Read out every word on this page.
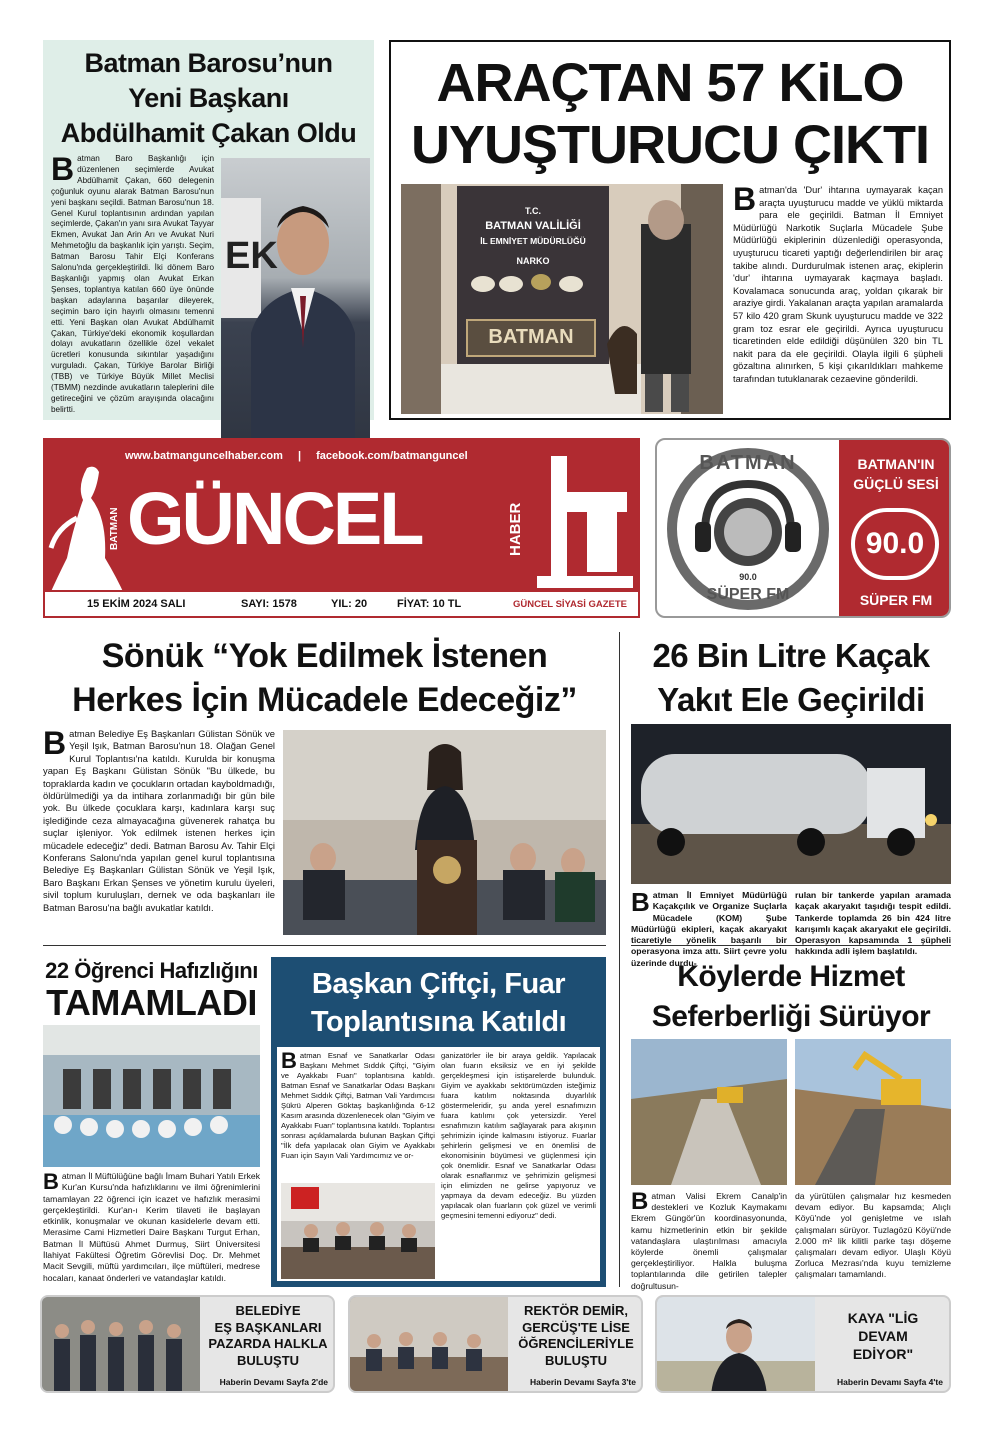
Batman Barosu’nun
Yeni Başkanı
Abdülhamit Çakan Oldu
Batman Baro Başkanlığı için düzenlenen seçimlerde Avukat Abdülhamit Çakan, 660 delegenin çoğunluk oyunu alarak Batman Barosu'nun yeni başkanı seçildi. Batman Barosu'nun 18. Genel Kurul toplantısının ardından yapılan seçimlerde, Çakan'ın yanı sıra Avukat Tayyar Ekmen, Avukat Jan Arin Arı ve Avukat Nuri Mehmetoğlu da başkanlık için yarıştı. Seçim, Batman Barosu Tahir Elçi Konferans Salonu'nda gerçekleştirildi. İki dönem Baro Başkanlığı yapmış olan Avukat Erkan Şenses, toplantıya katılan 660 üye önünde başkan adaylarına başarılar dileyerek, seçimin baro için hayırlı olmasını temenni etti. Yeni Başkan olan Avukat Abdülhamit Çakan, Türkiye'deki ekonomik koşullardan dolayı avukatların özellikle özel vekalet ücretleri konusunda sıkıntılar yaşadığını vurguladı. Çakan, Türkiye Barolar Birliği (TBB) ve Türkiye Büyük Millet Meclisi (TBMM) nezdinde avukatların taleplerini dile getireceğini ve çözüm arayışında olacağını belirtti.
EK
ARAÇTAN 57 KiLO
UYUŞTURUCU ÇIKTI
T.C.
BATMAN VALİLİĞİ
İL EMNİYET MÜDÜRLÜĞÜ
NARKO
BATMAN
Batman'da 'Dur' ihtarına uymayarak kaçan araçta uyuşturucu madde ve yüklü miktarda para ele geçirildi. Batman İl Emniyet Müdürlüğü Narkotik Suçlarla Mücadele Şube Müdürlüğü ekiplerinin düzenlediği operasyonda, uyuşturucu ticareti yaptığı değerlendirilen bir araç takibe alındı. Durdurulmak istenen araç, ekiplerin 'dur' ihtarına uymayarak kaçmaya başladı. Kovalamaca sonucunda araç, yoldan çıkarak bir araziye girdi. Yakalanan araçta yapılan aramalarda 57 kilo 420 gram Skunk uyuşturucu madde ve 322 gram toz esrar ele geçirildi. Ayrıca uyuşturucu ticaretinden elde edildiği düşünülen 320 bin TL nakit para da ele geçirildi. Olayla ilgili 6 şüpheli gözaltına alınırken, 5 kişi çıkarıldıkları mahkeme tarafından tutuklanarak cezaevine gönderildi.
www.batmanguncelhaber.com | facebook.com/batmanguncel
BATMAN GÜNCEL	HABER
15 EKİM 2024 SALI	SAYI: 1578	YIL: 20	FİYAT: 10 TL	GÜNCEL SİYASİ GAZETE
BATMAN
90.0
SÜPER FM
BATMAN'IN
GÜÇLÜ SESİ
90.0
SÜPER FM
Sönük “Yok Edilmek İstenen
Herkes İçin Mücadele Edeceğiz”
Batman Belediye Eş Başkanları Gülistan Sönük ve Yeşil Işık, Batman Barosu'nun 18. Olağan Genel Kurul Toplantısı'na katıldı. Kurulda bir konuşma yapan Eş Başkanı Gülistan Sönük "Bu ülkede, bu topraklarda kadın ve çocukların ortadan kayboldmadığı, öldürülmediği ya da intihara zorlanmadığı bir gün bile yok. Bu ülkede çocuklara karşı, kadınlara karşı suç işlediğinde ceza almayacağına güvenerek rahatça bu suçlar işleniyor. Yok edilmek istenen herkes için mücadele edeceğiz" dedi. Batman Barosu Av. Tahir Elçi Konferans Salonu'nda yapılan genel kurul toplantısına Belediye Eş Başkanları Gülistan Sönük ve Yeşil Işık, Baro Başkanı Erkan Şenses ve yönetim kurulu üyeleri, sivil toplum kuruluşları, dernek ve oda başkanları ile Batman Barosu'na bağlı avukatlar katıldı.
26 Bin Litre Kaçak
Yakıt Ele Geçirildi
Batman İl Emniyet Müdürlüğü Kaçakçılık ve Organize Suçlarla Mücadele (KOM) Şube Müdürlüğü ekipleri, kaçak akaryakıt ticaretiyle yönelik başarılı bir operasyona imza attı. Siirt çevre yolu üzerinde durdu-
rulan bir tankerde yapılan aramada kaçak akaryakıt taşıdığı tespit edildi. Tankerde toplamda 26 bin 424 litre karışımlı kaçak akaryakıt ele geçirildi. Operasyon kapsamında 1 şüpheli hakkında adli işlem başlatıldı.
22 Öğrenci Hafızlığını
TAMAMLADI
Batman İl Müftülüğüne bağlı İmam Buhari Yatılı Erkek Kur'an Kursu'nda hafızlıklarını ve ilmi öğrenimlerini tamamlayan 22 öğrenci için icazet ve hafızlık merasimi gerçekleştirildi. Kur'an-ı Kerim tilaveti ile başlayan etkinlik, konuşmalar ve okunan kasidelerle devam etti. Merasime Cami Hizmetleri Daire Başkanı Turgut Erhan, Batman İl Müftüsü Ahmet Durmuş, Siirt Üniversitesi İlahiyat Fakültesi Öğretim Görevlisi Doç. Dr. Mehmet Macit Sevgili, müftü yardımcıları, ilçe müftüleri, medrese hocaları, kanaat önderleri ve vatandaşlar katıldı.
Başkan Çiftçi, Fuar
Toplantısına Katıldı
Batman Esnaf ve Sanatkarlar Odası Başkanı Mehmet Sıddık Çiftçi, "Giyim ve Ayakkabı Fuarı" toplantısına katıldı. Batman Esnaf ve Sanatkarlar Odası Başkanı Mehmet Sıddık Çiftçi, Batman Vali Yardımcısı Şükrü Alperen Göktaş başkanlığında 6-12 Kasım arasında düzenlenecek olan "Giyim ve Ayakkabı Fuarı" toplantısına katıldı. Toplantısı sonrası açıklamalarda bulunan Başkan Çiftçi "İlk defa yapılacak olan Giyim ve Ayakkabı Fuarı için Sayın Vali Yardımcımız ve or-
ganizatörler ile bir araya geldik. Yapılacak olan fuarın eksiksiz ve en iyi şekilde gerçekleşmesi için istişarelerde bulunduk. Giyim ve ayakkabı sektörümüzden isteğimiz fuara katılım noktasında duyarlılık göstermeleridir, şu anda yerel esnafımızın fuara katılımı çok yetersizdir. Yerel esnafımızın katılım sağlayarak para akışının şehrimizin içinde kalmasını istiyoruz. Fuarlar şehirlerin gelişmesi ve en önemlisi de ekonomisinin büyümesi ve güçlenmesi için çok önemlidir. Esnaf ve Sanatkarlar Odası olarak esnaflarımız ve şehrimizin gelişmesi için elimizden ne gelirse yapıyoruz ve yapmaya da devam edeceğiz. Bu yüzden yapılacak olan fuarların çok güzel ve verimli geçmesini temenni ediyoruz" dedi.
Köylerde Hizmet
Seferberliği Sürüyor
Batman Valisi Ekrem Canalp'in destekleri ve Kozluk Kaymakamı Ekrem Güngör'ün koordinasyonunda, kamu hizmetlerinin etkin bir şekilde vatandaşlara ulaştırılması amacıyla köylerde önemli çalışmalar gerçekleştiriliyor. Halkla buluşma toplantılarında dile getirilen talepler doğrultusun-
da yürütülen çalışmalar hız kesmeden devam ediyor. Bu kapsamda; Alıçlı Köyü'nde yol genişletme ve ıslah çalışmaları sürüyor. Tuzlagözü Köyü'nde 2.000 m² lik kilitli parke taşı döşeme çalışmaları devam ediyor. Ulaşlı Köyü Zorluca Mezrası'nda kuyu temizleme çalışmaları tamamlandı.
BELEDİYE
EŞ BAŞKANLARI
PAZARDA HALKLA
BULUŞTU
Haberin Devamı Sayfa 2'de
REKTÖR DEMİR,
GERCÜŞ'TE LİSE
ÖĞRENCİLERİYLE
BULUŞTU
Haberin Devamı Sayfa 3'te
KAYA "LİG
DEVAM
EDİYOR"
Haberin Devamı Sayfa 4'te
